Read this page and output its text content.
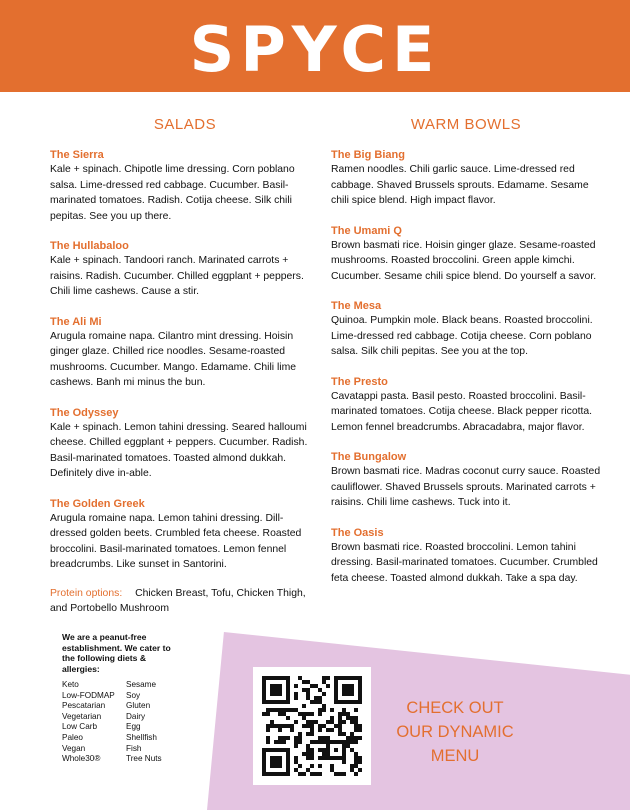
SPYCE
SALADS
The Sierra
Kale + spinach. Chipotle lime dressing. Corn poblano salsa. Lime-dressed red cabbage. Cucumber. Basil-marinated tomatoes. Radish. Cotija cheese. Silk chili pepitas. See you up there.
The Hullabaloo
Kale + spinach. Tandoori ranch. Marinated carrots + raisins. Radish. Cucumber. Chilled eggplant + peppers. Chili lime cashews. Cause a stir.
The Ali Mi
Arugula romaine napa. Cilantro mint dressing. Hoisin ginger glaze. Chilled rice noodles. Sesame-roasted mushrooms. Cucumber. Mango. Edamame. Chili lime cashews. Banh mi minus the bun.
The Odyssey
Kale + spinach. Lemon tahini dressing. Seared halloumi cheese. Chilled eggplant + peppers. Cucumber. Radish. Basil-marinated tomatoes. Toasted almond dukkah. Definitely dive in-able.
The Golden Greek
Arugula romaine napa. Lemon tahini dressing. Dill-dressed golden beets. Crumbled feta cheese. Roasted broccolini. Basil-marinated tomatoes. Lemon fennel breadcrumbs. Like sunset in Santorini.
Protein options: Chicken Breast, Tofu, Chicken Thigh, and Portobello Mushroom
WARM BOWLS
The Big Biang
Ramen noodles. Chili garlic sauce. Lime-dressed red cabbage. Shaved Brussels sprouts. Edamame. Sesame chili spice blend. High impact flavor.
The Umami Q
Brown basmati rice. Hoisin ginger glaze. Sesame-roasted mushrooms. Roasted broccolini. Green apple kimchi. Cucumber. Sesame chili spice blend. Do yourself a savor.
The Mesa
Quinoa. Pumpkin mole. Black beans. Roasted broccolini. Lime-dressed red cabbage. Cotija cheese. Corn poblano salsa. Silk chili pepitas. See you at the top.
The Presto
Cavatappi pasta. Basil pesto. Roasted broccolini. Basil-marinated tomatoes. Cotija cheese. Black pepper ricotta. Lemon fennel breadcrumbs. Abracadabra, major flavor.
The Bungalow
Brown basmati rice. Madras coconut curry sauce. Roasted cauliflower. Shaved Brussels sprouts. Marinated carrots + raisins. Chili lime cashews. Tuck into it.
The Oasis
Brown basmati rice. Roasted broccolini. Lemon tahini dressing. Basil-marinated tomatoes. Cucumber. Crumbled feta cheese. Toasted almond dukkah. Take a spa day.
We are a peanut-free establishment. We cater to the following diets & allergies:
Keto	Sesame
Low-FODMAP	Soy
Pescatarian	Gluten
Vegetarian	Dairy
Low Carb	Egg
Paleo	Shellfish
Vegan	Fish
Whole30®	Tree Nuts
CHECK OUT
OUR DYNAMIC
MENU
